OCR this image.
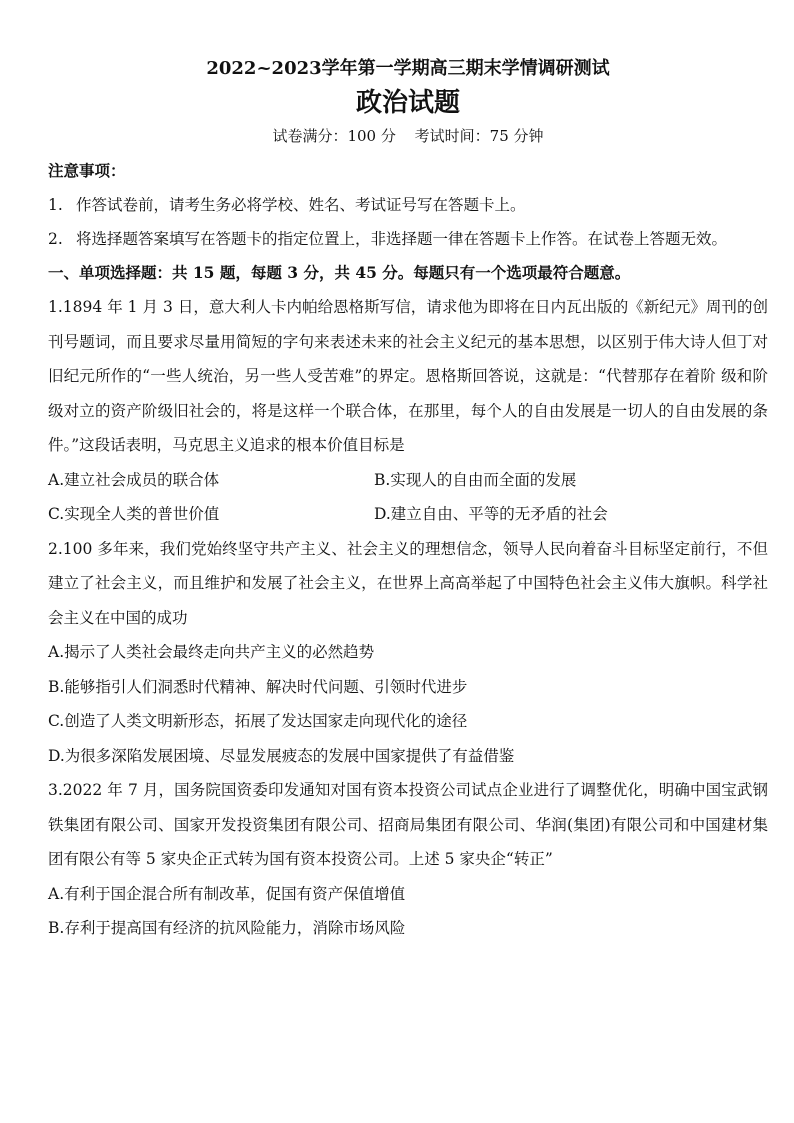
2022~2023学年第一学期高三期末学情调研测试

政治试题

试卷满分：100 分 考试时间：75 分钟

注意事项：
1. 作答试卷前，请考生务必将学校、姓名、考试证号写在答题卡上。
2. 将选择题答案填写在答题卡的指定位置上，非选择题一律在答题卡上作答。在试卷上答题无效。
一、单项选择题：共 15 题，每题 3 分，共 45 分。每题只有一个选项最符合题意。
1.1894 年 1 月 3 日，意大利人卡内帕给恩格斯写信，请求他为即将在日内瓦出版的《新纪元》周刊的创刊号题词，而且要求尽量用简短的字句来表述未来的社会主义纪元的基本思想，以区别于伟大诗人但丁对旧纪元所作的“一些人统治，另一些人受苦难”的界定。恩格斯回答说，这就是：“代替那存在着阶 级和阶级对立的资产阶级旧社会的，将是这样一个联合体，在那里，每个人的自由发展是一切人的自由发展的条件。”这段话表明，马克思主义追求的根本价值目标是
A.建立社会成员的联合体	B.实现人的自由而全面的发展
C.实现全人类的普世价值	D.建立自由、平等的无矛盾的社会
2.100 多年来，我们党始终坚守共产主义、社会主义的理想信念，领导人民向着奋斗目标坚定前行，不但建立了社会主义，而且维护和发展了社会主义，在世界上高高举起了中国特色社会主义伟大旗帜。科学社会主义在中国的成功
A.揭示了人类社会最终走向共产主义的必然趋势
B.能够指引人们洞悉时代精神、解决时代问题、引领时代进步
C.创造了人类文明新形态，拓展了发达国家走向现代化的途径
D.为很多深陷发展困境、尽显发展疲态的发展中国家提供了有益借鉴
3.2022 年 7 月，国务院国资委印发通知对国有资本投资公司试点企业进行了调整优化，明确中国宝武钢铁集团有限公司、国家开发投资集团有限公司、招商局集团有限公司、华润(集团)有限公司和中国建材集团有限公有等 5 家央企正式转为国有资本投资公司。上述 5 家央企“转正”
A.有利于国企混合所有制改革，促国有资产保值增值
B.存利于提高国有经济的抗风险能力，消除市场风险
